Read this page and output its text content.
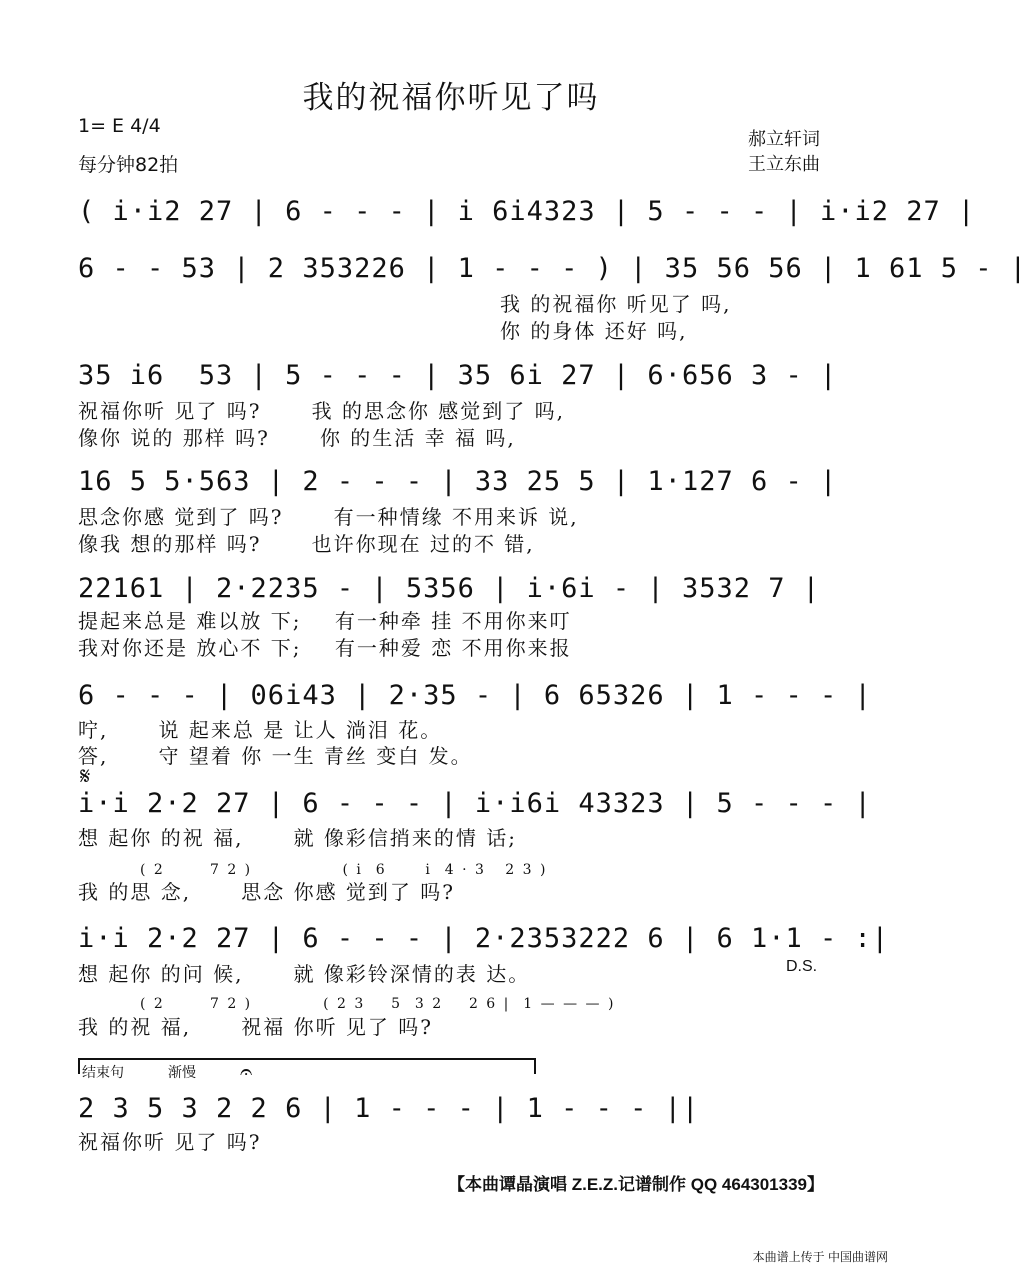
我的祝福你听见了吗
1= E 4/4
每分钟82拍
郝立轩词
王立东曲
( i·i2 27 | 6 - - - | i 6i4323 | 5 - - - | i·i2 27 |
6 - - 53 | 2 353226 | 1 - - - ) | 35 56 56 | 1 61 5 - |
我 的祝福你 听见了 吗,
你 的身体 还好 吗,
35 i6  53 | 5 - - - | 35 6i 27 | 6·656 3 - |
祝福你听 见了 吗?      我 的思念你 感觉到了 吗,
像你 说的 那样 吗?      你 的生活 幸 福 吗,
16 5 5·563 | 2 - - - | 33 25 5 | 1·127 6 - |
思念你感 觉到了 吗?      有一种情缘 不用来诉 说,
像我 想的那样 吗?      也许你现在 过的不 错,
22161 | 2·2235 - | 5356 | i·6i - | 3532 7 |
提起来总是 难以放 下;    有一种牵 挂 不用你来叮
我对你还是 放心不 下;    有一种爱 恋 不用你来报
6 - - - | 06i43 | 2·35 - | 6 65326 | 1 - - - |
咛,      说 起来总 是 让人 淌泪 花。
答,      守 望着 你 一生 青丝 变白 发。
𝄋
i·i 2·2 27 | 6 - - - | i·i6i 43323 | 5 - - - |
想 起你 的祝 福,      就 像彩信捎来的情 话;
( 2       7 2 )              ( i  6      i  4 · 3   2 3 )
我 的思 念,      思念 你感 觉到了 吗?
i·i 2·2 27 | 6 - - - | 2·2353222 6 | 6 1·1 - :|
D.S.
想 起你 的问 候,      就 像彩铃深情的表 达。
( 2       7 2 )           ( 2 3    5  3 2    2 6 |  1 — — — )
我 的祝 福,      祝福 你听 见了 吗?
结束句	渐慢 𝄐
2 3 5 3 2 2 6 | 1 - - - | 1 - - - ||
祝福你听 见了 吗?
【本曲谭晶演唱 Z.E.Z.记谱制作 QQ 464301339】
本曲谱上传于 中国曲谱网
